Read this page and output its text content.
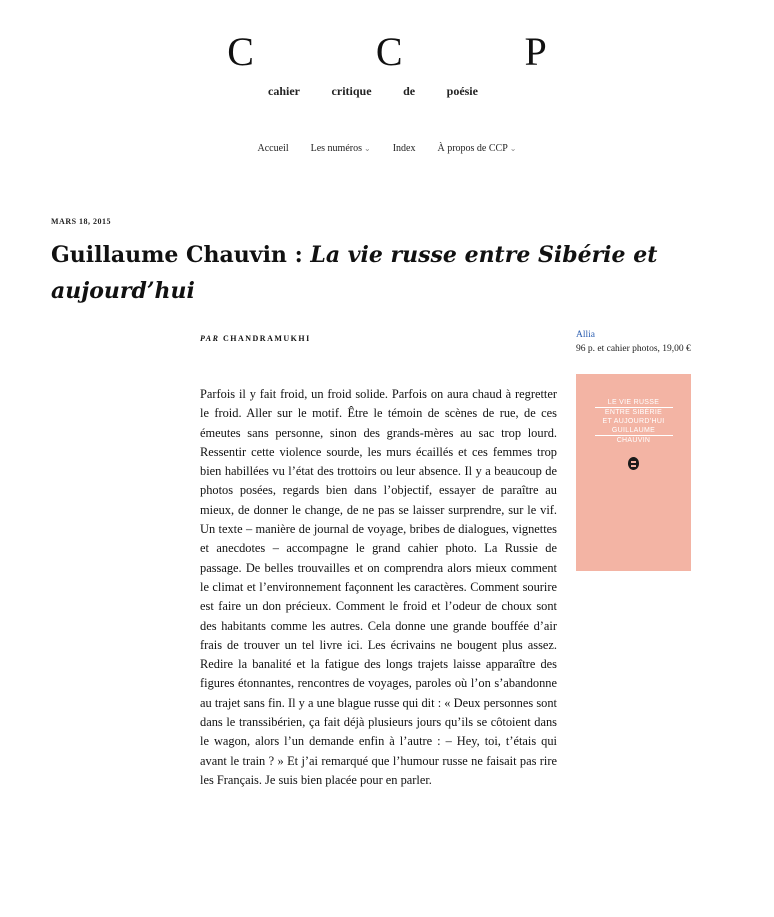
C C P
cahier	critique	de	poésie
Accueil Les numéros ⌄ Index À propos de CCP ⌄
MARS 18, 2015
Guillaume Chauvin : La vie russe entre Sibérie et
aujourd’hui
PAR CHANDRAMUKHI

Parfois il y fait froid, un froid solide. Parfois on aura chaud à regretter le froid. Aller sur le motif. Être le témoin de scènes de rue, de ces émeutes sans personne, sinon des grands-mères au sac trop lourd. Ressentir cette violence sourde, les murs écaillés et ces femmes trop bien habillées vu l’état des trottoirs ou leur absence. Il y a beaucoup de photos posées, regards bien dans l’objectif, essayer de paraître au mieux, de donner le change, de ne pas se laisser surprendre, sur le vif. Un texte – manière de journal de voyage, bribes de dialogues, vignettes et anecdotes – accompagne le grand cahier photo. La Russie de passage. De belles trouvailles et on comprendra alors mieux comment le climat et l’environnement façonnent les caractères. Comment sourire est faire un don précieux. Comment le froid et l’odeur de choux sont des habitants comme les autres. Cela donne une grande bouffée d’air frais de trouver un tel livre ici. Les écrivains ne bougent plus assez. Redire la banalité et la fatigue des longs trajets laisse apparaître des figures étonnantes, rencontres de voyages, paroles où l’on s’abandonne au trajet sans fin. Il y a une blague russe qui dit : « Deux personnes sont dans le transsibérien, ça fait déjà plusieurs jours qu’ils se côtoient dans le wagon, alors l’un demande enfin à l’autre : – Hey, toi, t’étais qui avant le train ? » Et j’ai remarqué que l’humour russe ne faisait pas rire les Français. Je suis bien placée pour en parler.

Allia
96 p. et cahier photos, 19,00 €
LE VIE RUSSE
ENTRE SIBÉRIE
ET AUJOURD’HUI
GUILLAUME
CHAUVIN
